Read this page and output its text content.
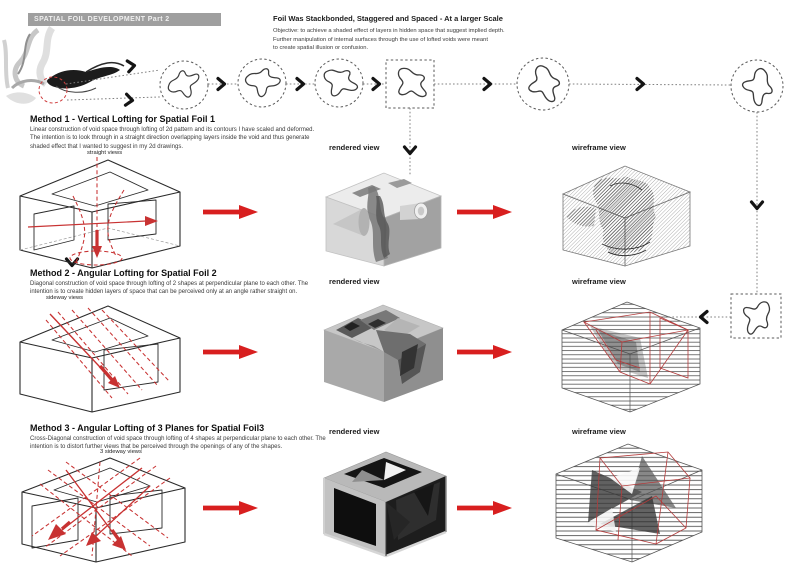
SPATIAL FOIL DEVELOPMENT Part 2	Foil Was Stackbonded, Staggered and Spaced - At a larger Scale
Objective: to achieve a shaded effect of layers in hidden space that suggest implied depth.
Further manipulation of internal surfaces through the use of lofted voids were meant
to create spatial illusion or confusion.
Method 1 - Vertical Lofting for Spatial Foil 1
Linear construction of void space through lofting of 2d pattern and its contours I have scaled and deformed. The intention is to look through in a straight direction overlapping layers inside the void and thus generate shaded effect that I wanted to suggest in my 2d drawings.
straight views
rendered view	wireframe view
Method 2 - Angular Lofting for Spatial Foil 2
Diagonal construction of void space through lofting of 2 shapes at perpendicular plane to each other. The intention is to create hidden layers of space that can be perceived only at an angle rather straight on.
sideway views
rendered view	wireframe view
Method 3 - Angular Lofting of 3 Planes for Spatial Foil3
Cross-Diagonal construction of void space through lofting of 4 shapes at perpendicular plane to each other. The intention is to distort further views that be perceived through the openings of any of the shapes.
3 sideway views
rendered view	wireframe view
